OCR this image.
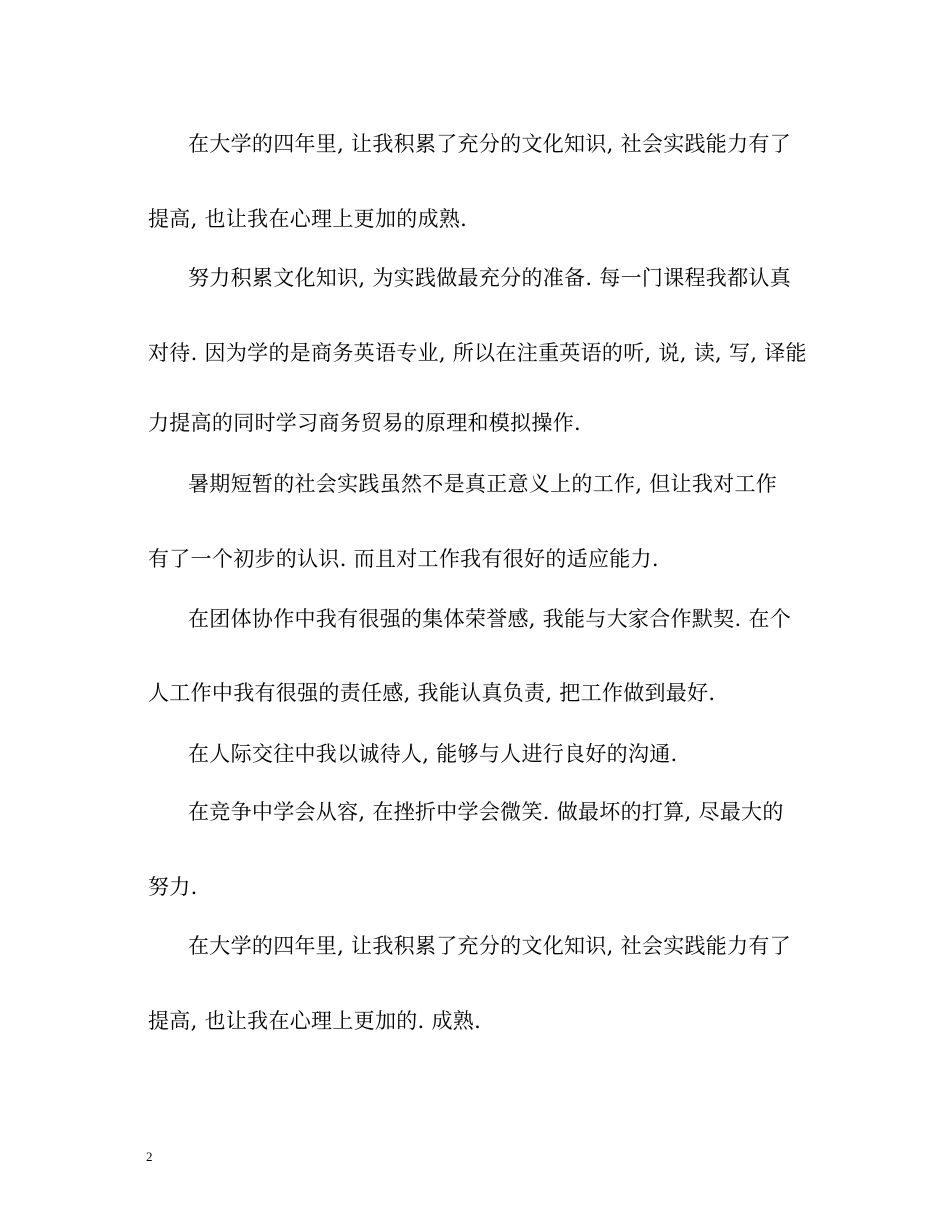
在大学的四年里, 让我积累了充分的文化知识, 社会实践能力有了
提高, 也让我在心理上更加的成熟.
努力积累文化知识, 为实践做最充分的准备. 每一门课程我都认真
对待. 因为学的是商务英语专业, 所以在注重英语的听, 说, 读, 写, 译能
力提高的同时学习商务贸易的原理和模拟操作.
暑期短暂的社会实践虽然不是真正意义上的工作, 但让我对工作
有了一个初步的认识. 而且对工作我有很好的适应能力.
在团体协作中我有很强的集体荣誉感, 我能与大家合作默契. 在个
人工作中我有很强的责任感, 我能认真负责, 把工作做到最好.
在人际交往中我以诚待人, 能够与人进行良好的沟通.
在竞争中学会从容, 在挫折中学会微笑. 做最坏的打算, 尽最大的
努力.
在大学的四年里, 让我积累了充分的文化知识, 社会实践能力有了
提高, 也让我在心理上更加的. 成熟.
2
